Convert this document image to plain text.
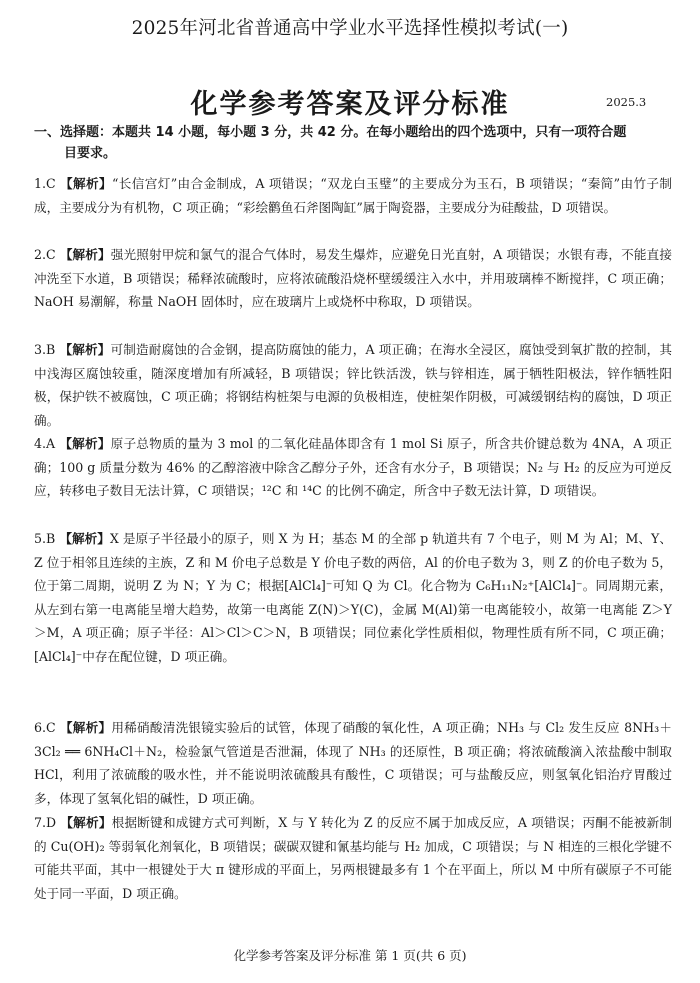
2025年河北省普通高中学业水平选择性模拟考试(一)
化学参考答案及评分标准	2025.3
一、选择题：本题共 14 小题，每小题 3 分，共 42 分。在每小题给出的四个选项中，只有一项符合题
目要求。
1.C 【解析】“长信宫灯”由合金制成，A 项错误；“双龙白玉璧”的主要成分为玉石，B 项错误；“秦简”由竹子制成，主要成分为有机物，C 项正确；“彩绘鹳鱼石斧图陶缸”属于陶瓷器，主要成分为硅酸盐，D 项错误。
2.C 【解析】强光照射甲烷和氯气的混合气体时，易发生爆炸，应避免日光直射，A 项错误；水银有毒，不能直接冲洗至下水道，B 项错误；稀释浓硫酸时，应将浓硫酸沿烧杯壁缓缓注入水中，并用玻璃棒不断搅拌，C 项正确；NaOH 易潮解，称量 NaOH 固体时，应在玻璃片上或烧杯中称取，D 项错误。
3.B 【解析】可制造耐腐蚀的合金钢，提高防腐蚀的能力，A 项正确；在海水全浸区，腐蚀受到氧扩散的控制，其中浅海区腐蚀较重，随深度增加有所减轻，B 项错误；锌比铁活泼，铁与锌相连，属于牺牲阳极法，锌作牺牲阳极，保护铁不被腐蚀，C 项正确；将钢结构桩架与电源的负极相连，使桩架作阴极，可减缓钢结构的腐蚀，D 项正确。
4.A 【解析】原子总物质的量为 3 mol 的二氧化硅晶体即含有 1 mol Si 原子，所含共价键总数为 4NA，A 项正确；100 g 质量分数为 46% 的乙醇溶液中除含乙醇分子外，还含有水分子，B 项错误；N₂ 与 H₂ 的反应为可逆反应，转移电子数目无法计算，C 项错误；¹²C 和 ¹⁴C 的比例不确定，所含中子数无法计算，D 项错误。
5.B 【解析】X 是原子半径最小的原子，则 X 为 H；基态 M 的全部 p 轨道共有 7 个电子，则 M 为 Al；M、Y、Z 位于相邻且连续的主族，Z 和 M 价电子总数是 Y 价电子数的两倍，Al 的价电子数为 3，则 Z 的价电子数为 5，位于第二周期，说明 Z 为 N；Y 为 C；根据[AlCl₄]⁻可知 Q 为 Cl。化合物为 C₆H₁₁N₂⁺[AlCl₄]⁻。同周期元素，从左到右第一电离能呈增大趋势，故第一电离能 Z(N)＞Y(C)，金属 M(Al)第一电离能较小，故第一电离能 Z＞Y＞M，A 项正确；原子半径：Al＞Cl＞C＞N，B 项错误；同位素化学性质相似，物理性质有所不同，C 项正确；[AlCl₄]⁻中存在配位键，D 项正确。
6.C 【解析】用稀硝酸清洗银镜实验后的试管，体现了硝酸的氧化性，A 项正确；NH₃ 与 Cl₂ 发生反应 8NH₃＋3Cl₂ ══ 6NH₄Cl＋N₂，检验氯气管道是否泄漏，体现了 NH₃ 的还原性，B 项正确；将浓硫酸滴入浓盐酸中制取 HCl，利用了浓硫酸的吸水性，并不能说明浓硫酸具有酸性，C 项错误；可与盐酸反应，则氢氧化铝治疗胃酸过多，体现了氢氧化铝的碱性，D 项正确。
7.D 【解析】根据断键和成键方式可判断，X 与 Y 转化为 Z 的反应不属于加成反应，A 项错误；丙酮不能被新制的 Cu(OH)₂ 等弱氧化剂氧化，B 项错误；碳碳双键和氰基均能与 H₂ 加成，C 项错误；与 N 相连的三根化学键不可能共平面，其中一根键处于大 π 键形成的平面上，另两根键最多有 1 个在平面上，所以 M 中所有碳原子不可能处于同一平面，D 项正确。
化学参考答案及评分标准 第 1 页(共 6 页)
